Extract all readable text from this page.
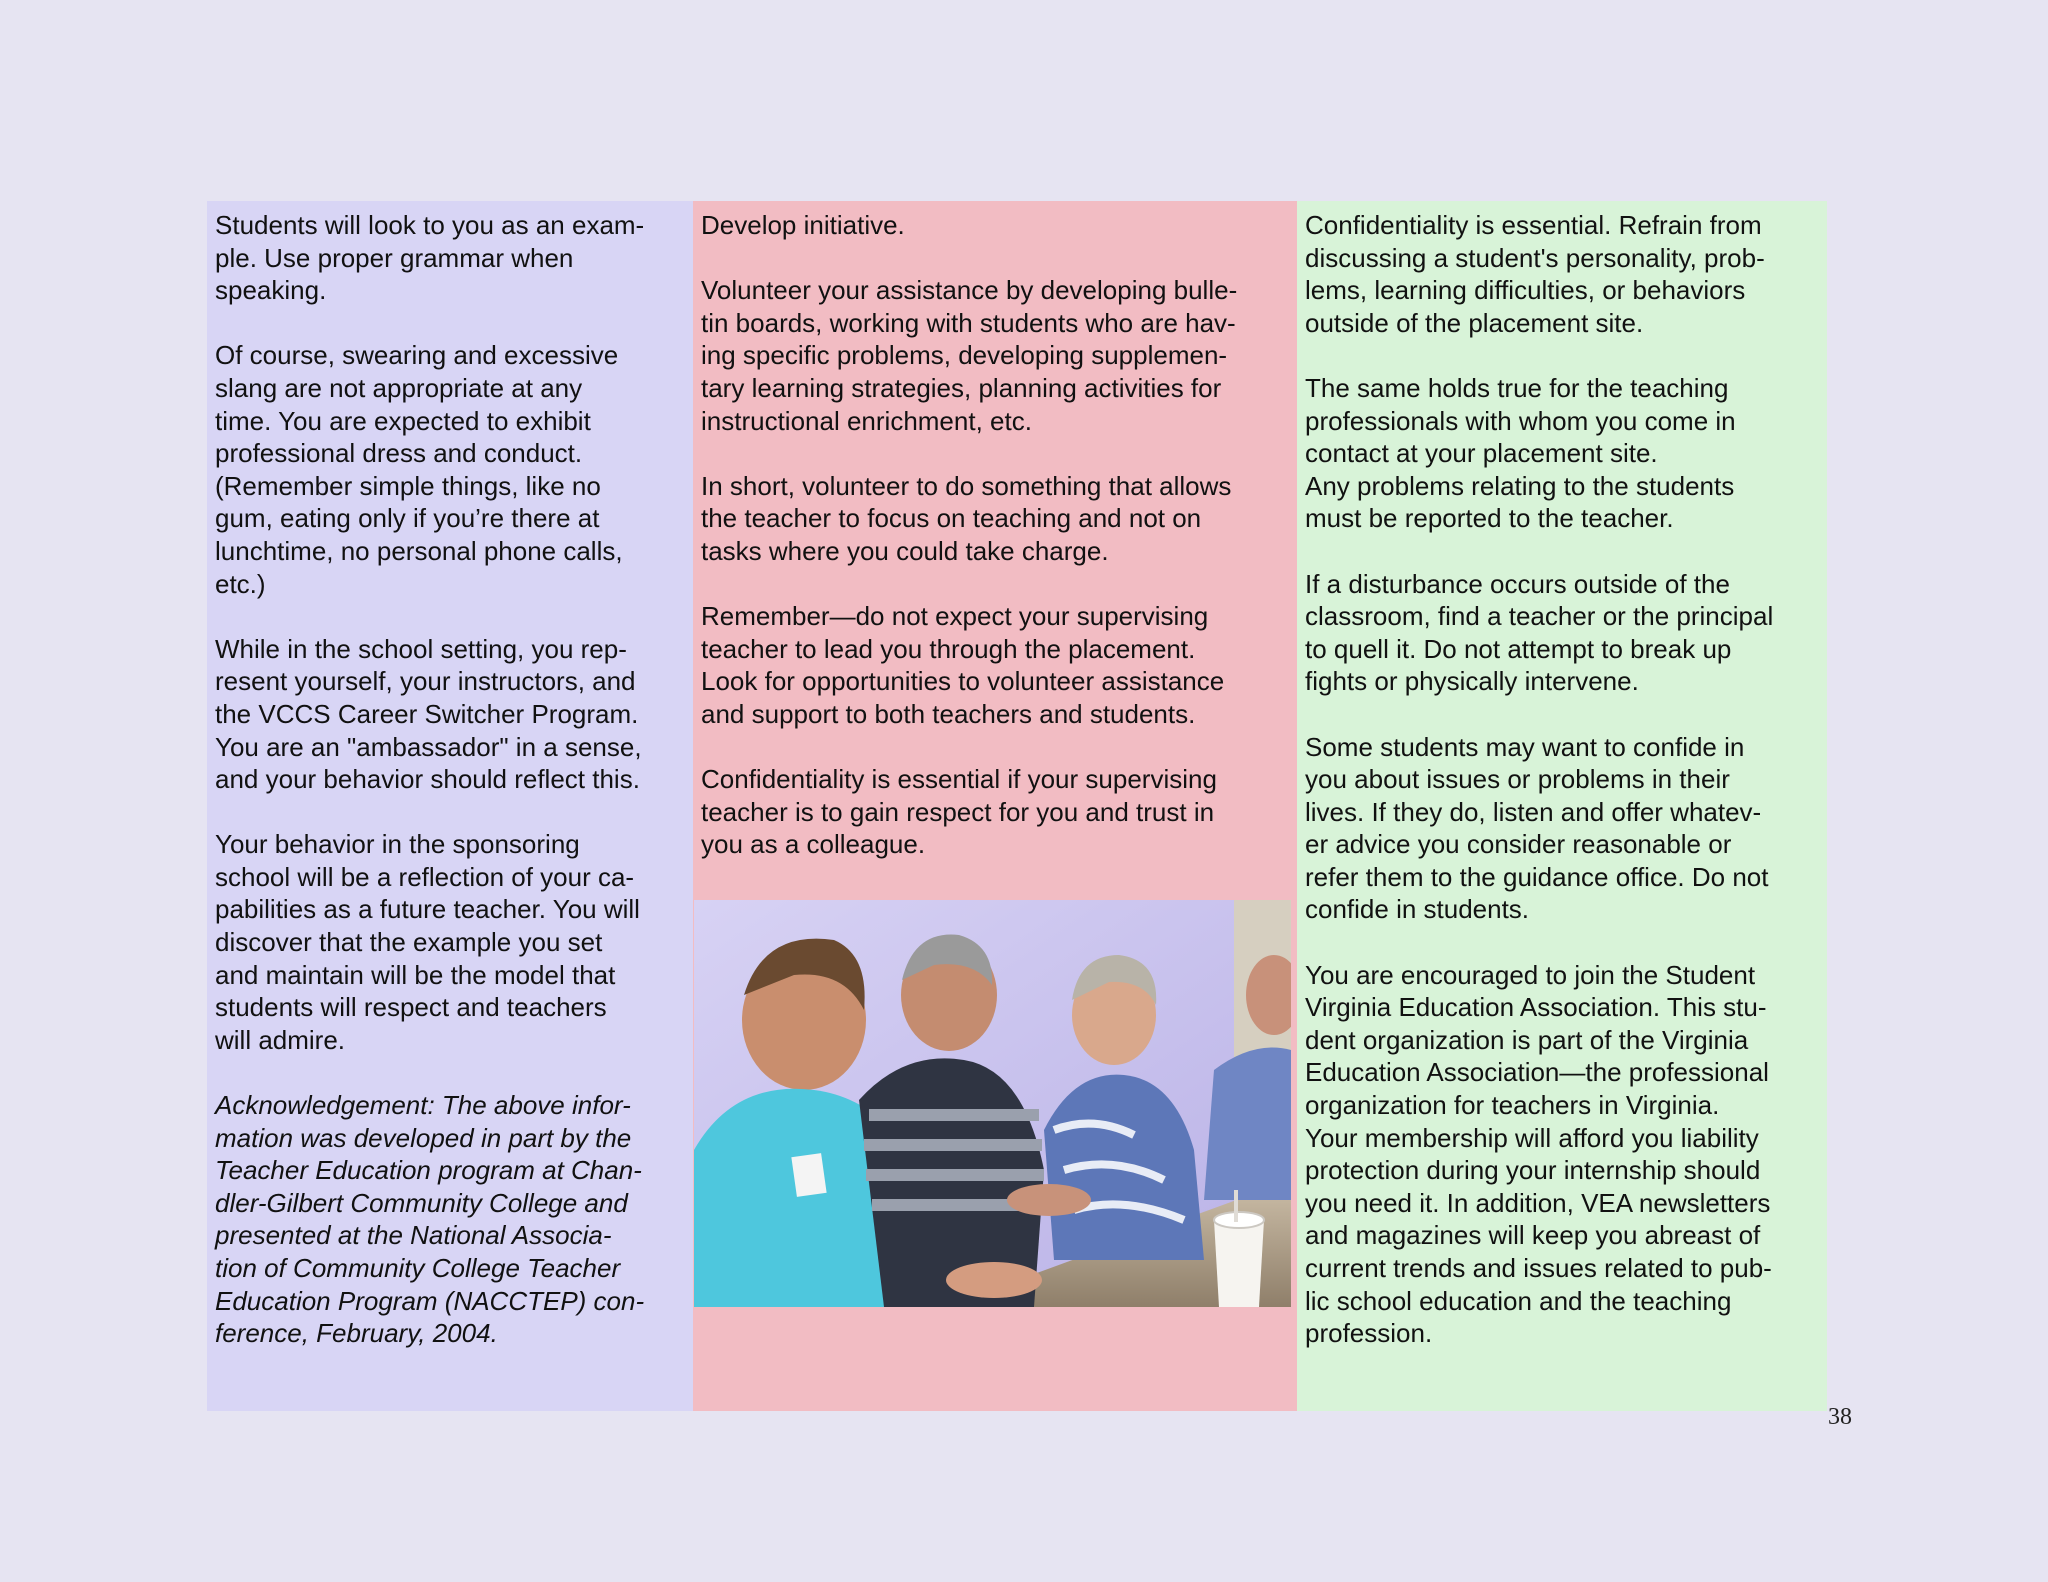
Students will look to you as an exam-
ple. Use proper grammar when
speaking.

Of course, swearing and excessive
slang are not appropriate at any
time. You are expected to exhibit
professional dress and conduct.
(Remember simple things, like no
gum, eating only if you’re there at
lunchtime, no personal phone calls,
etc.)

While in the school setting, you rep-
resent yourself, your instructors, and
the VCCS Career Switcher Program.
You are an "ambassador" in a sense,
and your behavior should reflect this.

Your behavior in the sponsoring
school will be a reflection of your ca-
pabilities as a future teacher. You will
discover that the example you set
and maintain will be the model that
students will respect and teachers
will admire.

Acknowledgement: The above infor-
mation was developed in part by the
Teacher Education program at Chan-
dler-Gilbert Community College and
presented at the National Associa-
tion of Community College Teacher
Education Program (NACCTEP) con-
ference, February, 2004.

Develop initiative.

Volunteer your assistance by developing bulle-
tin boards, working with students who are hav-
ing specific problems, developing supplemen-
tary learning strategies, planning activities for
instructional enrichment, etc.

In short, volunteer to do something that allows
the teacher to focus on teaching and not on
tasks where you could take charge.

Remember—do not expect your supervising
teacher to lead you through the placement.
Look for opportunities to volunteer assistance
and support to both teachers and students.

Confidentiality is essential if your supervising
teacher is to gain respect for you and trust in
you as a colleague.

Confidentiality is essential. Refrain from
discussing a student's personality, prob-
lems, learning difficulties, or behaviors
outside of the placement site.

The same holds true for the teaching
professionals with whom you come in
contact at your placement site.

Any problems relating to the students
must be reported to the teacher.

If a disturbance occurs outside of the
classroom, find a teacher or the principal
to quell it. Do not attempt to break up
fights or physically intervene.

Some students may want to confide in
you about issues or problems in their
lives. If they do, listen and offer whatev-
er advice you consider reasonable or
refer them to the guidance office. Do not
confide in students.

You are encouraged to join the Student
Virginia Education Association. This stu-
dent organization is part of the Virginia
Education Association—the professional
organization for teachers in Virginia.
Your membership will afford you liability
protection during your internship should
you need it. In addition, VEA newsletters
and magazines will keep you abreast of
current trends and issues related to pub-
lic school education and the teaching
profession.

38
